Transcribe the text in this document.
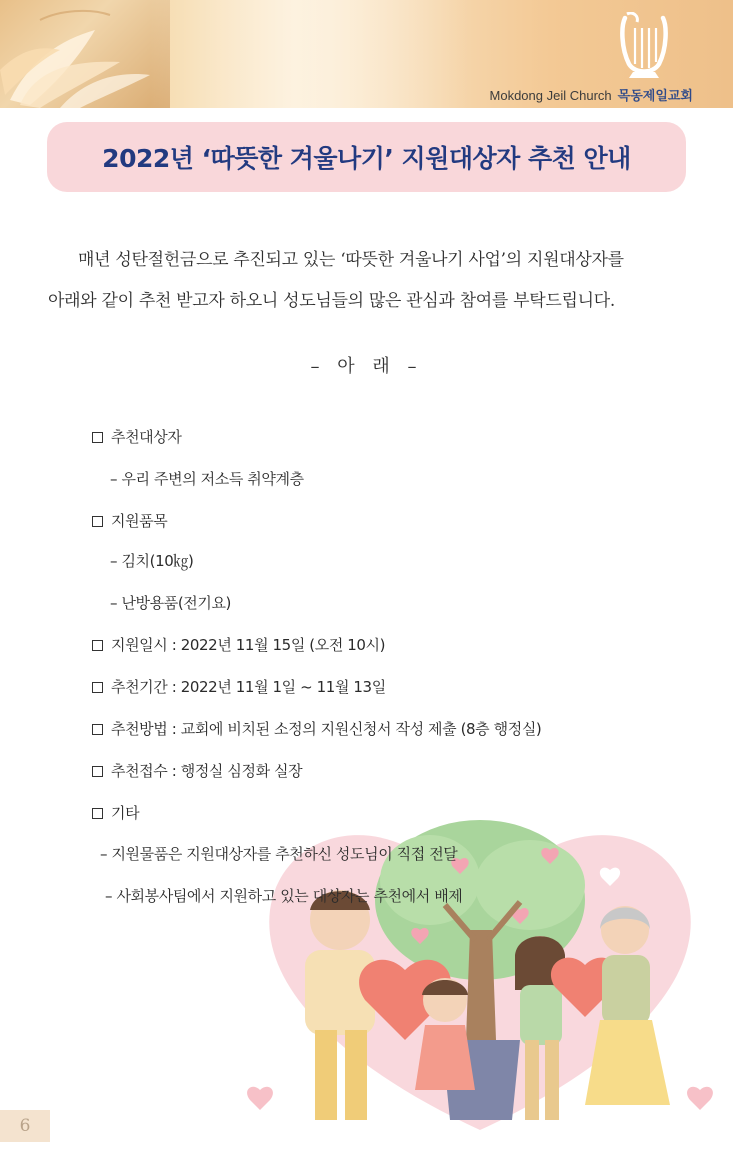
Mokdong Jeil Church 목동제일교회
2022년 ‘따뜻한 겨울나기’ 지원대상자 추천 안내
매년 성탄절헌금으로 추진되고 있는 ‘따뜻한 겨울나기 사업’의 지원대상자를
아래와 같이 추천 받고자 하오니 성도님들의 많은 관심과 참여를 부탁드립니다.
– 아 래 –
추천대상자
– 우리 주변의 저소득 취약계층
지원품목
– 김치(10㎏)
– 난방용품(전기요)
지원일시 : 2022년 11월 15일 (오전 10시)
추천기간 : 2022년 11월 1일 ~ 11월 13일
추천방법 : 교회에 비치된 소정의 지원신청서 작성 제출 (8층 행정실)
추천접수 : 행정실 심정화 실장
기타
– 지원물품은 지원대상자를 추천하신 성도님이 직접 전달
– 사회봉사팀에서 지원하고 있는 대상자는 추천에서 배제
6
